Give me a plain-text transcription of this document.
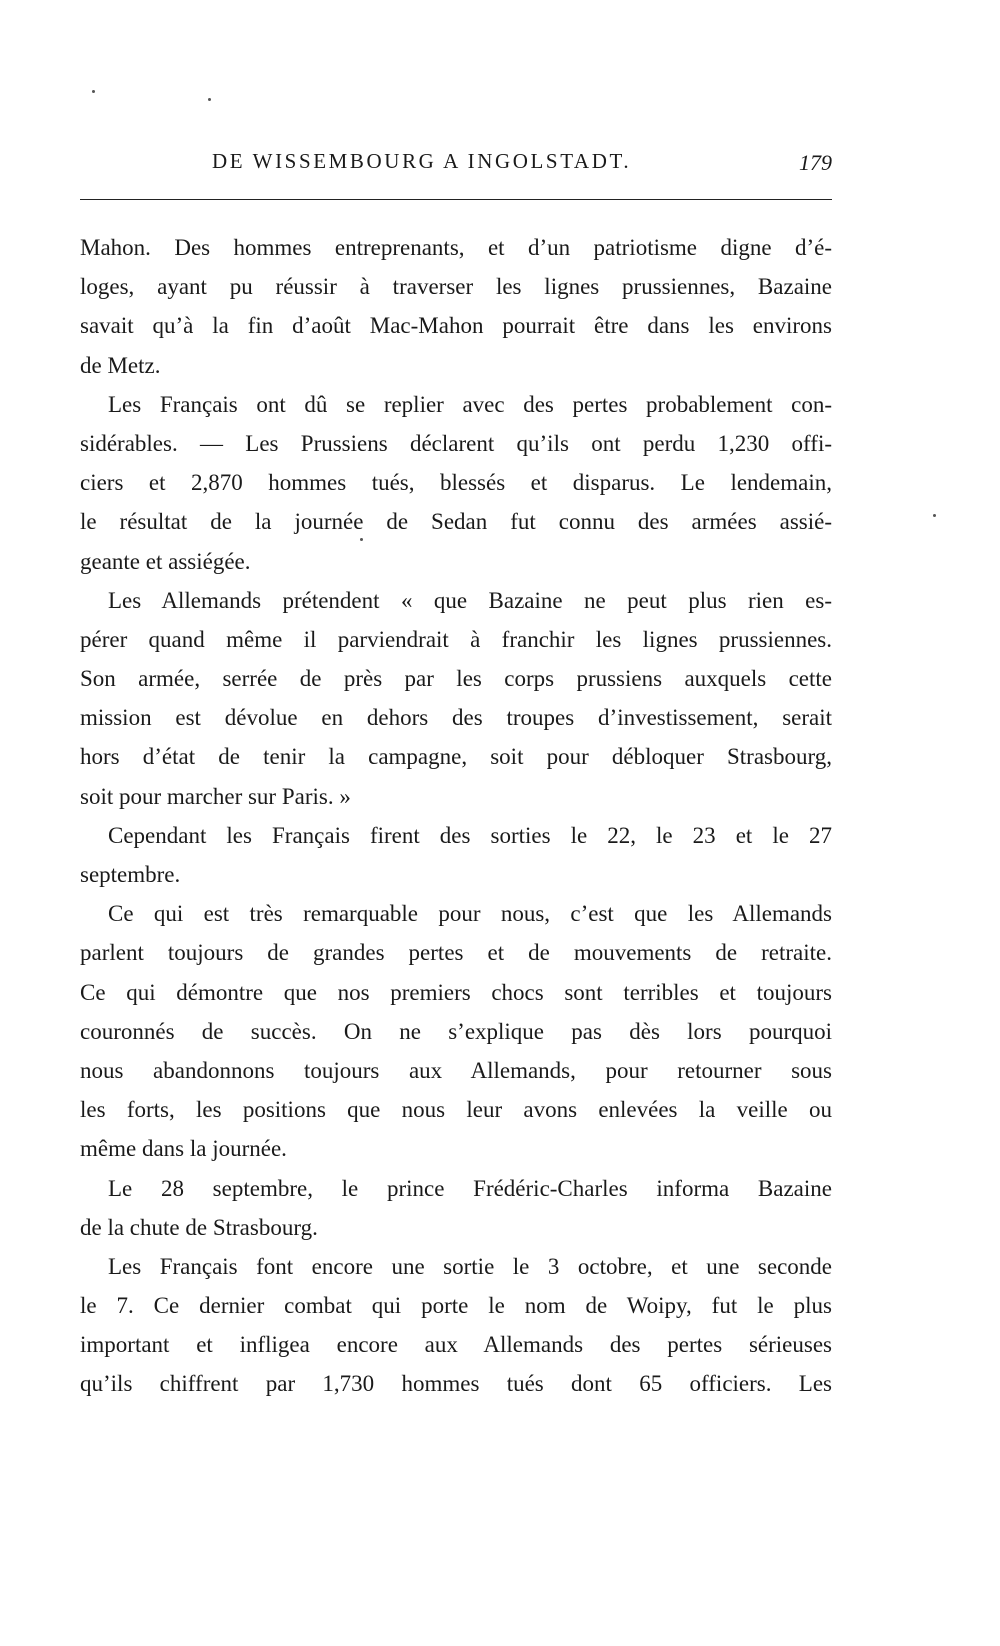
DE WISSEMBOURG A INGOLSTADT.	179
Mahon. Des hommes entreprenants, et d’un patriotisme digne d’é-
loges, ayant pu réussir à traverser les lignes prussiennes, Bazaine
savait qu’à la fin d’août Mac-Mahon pourrait être dans les environs
de Metz.
Les Français ont dû se replier avec des pertes probablement con-
sidérables. — Les Prussiens déclarent qu’ils ont perdu 1,230 offi-
ciers et 2,870 hommes tués, blessés et disparus. Le lendemain,
le résultat de la journée de Sedan fut connu des armées assié-
geante et assiégée.
Les Allemands prétendent « que Bazaine ne peut plus rien es-
pérer quand même il parviendrait à franchir les lignes prussiennes.
Son armée, serrée de près par les corps prussiens auxquels cette
mission est dévolue en dehors des troupes d’investissement, serait
hors d’état de tenir la campagne, soit pour débloquer Strasbourg,
soit pour marcher sur Paris. »
Cependant les Français firent des sorties le 22, le 23 et le 27
septembre.
Ce qui est très remarquable pour nous, c’est que les Allemands
parlent toujours de grandes pertes et de mouvements de retraite.
Ce qui démontre que nos premiers chocs sont terribles et toujours
couronnés de succès. On ne s’explique pas dès lors pourquoi
nous abandonnons toujours aux Allemands, pour retourner sous
les forts, les positions que nous leur avons enlevées la veille ou
même dans la journée.
Le 28 septembre, le prince Frédéric-Charles informa Bazaine
de la chute de Strasbourg.
Les Français font encore une sortie le 3 octobre, et une seconde
le 7. Ce dernier combat qui porte le nom de Woipy, fut le plus
important et infligea encore aux Allemands des pertes sérieuses
qu’ils chiffrent par 1,730 hommes tués dont 65 officiers. Les
